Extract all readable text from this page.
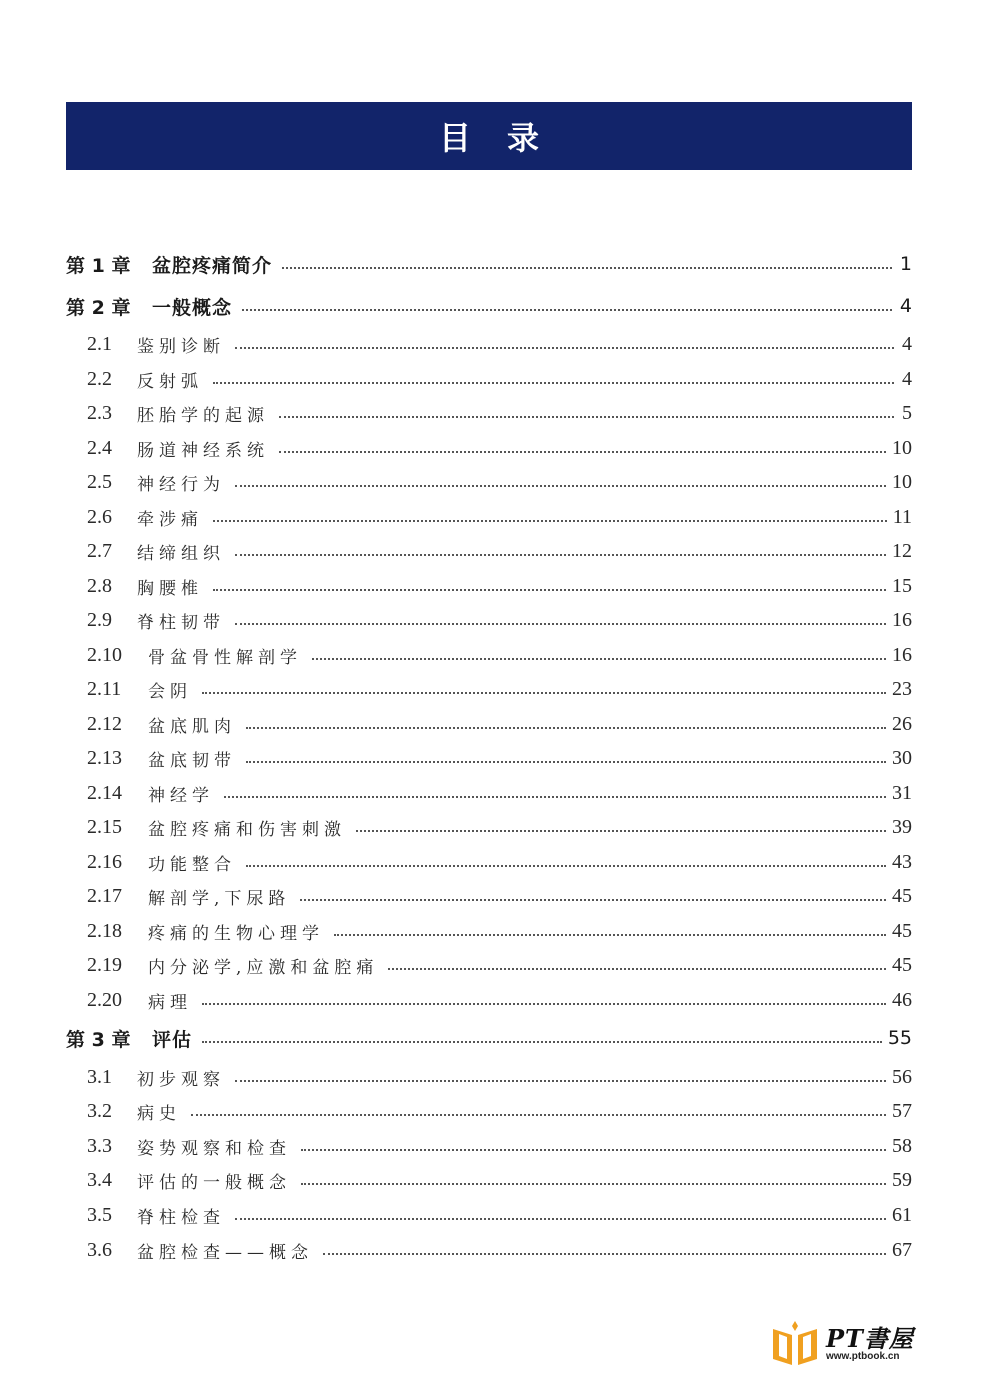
目录
第 1 章	盆腔疼痛简介	1
第 2 章	一般概念	4
2.1	鉴别诊断	4
2.2	反射弧	4
2.3	胚胎学的起源	5
2.4	肠道神经系统	10
2.5	神经行为	10
2.6	牵涉痛	11
2.7	结缔组织	12
2.8	胸腰椎	15
2.9	脊柱韧带	16
2.10	骨盆骨性解剖学	16
2.11	会阴	23
2.12	盆底肌肉	26
2.13	盆底韧带	30
2.14	神经学	31
2.15	盆腔疼痛和伤害刺激	39
2.16	功能整合	43
2.17	解剖学,下尿路	45
2.18	疼痛的生物心理学	45
2.19	内分泌学,应激和盆腔痛	45
2.20	病理	46
第 3 章	评估	55
3.1	初步观察	56
3.2	病史	57
3.3	姿势观察和检查	58
3.4	评估的一般概念	59
3.5	脊柱检查	61
3.6	盆腔检查——概念	67
PT書屋
www.ptbook.cn
